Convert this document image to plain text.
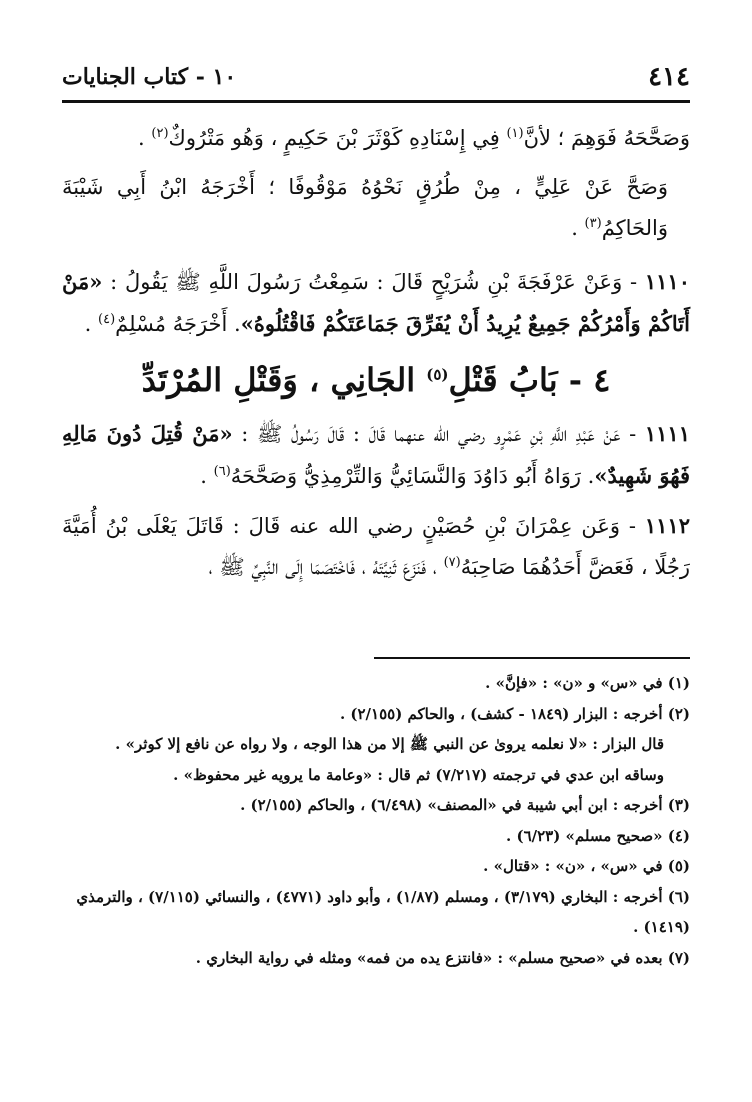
٤١٤
١٠ - كتاب الجنايات

وَصَحَّحَهُ فَوَهِمَ ؛ لأنَّ$^{(١)}$ فِي إِسْنَادِهِ كَوْثَرَ بْنَ حَكِيمٍ ، وَهُو مَتْرُوكٌ$^{(٢)}$ .

وَصَحَّ عَنْ عَلِيٍّ ، مِنْ طُرُقٍ نَحْوُهُ مَوْقُوفًا ؛ أَخْرَجَهُ ابْنُ أَبِي شَيْبَةَ وَالحَاكِمُ$^{(٣)}$ .

١١١٠ - وَعَنْ عَرْفَجَةَ بْنِ شُرَيْحٍ قَالَ : سَمِعْتُ رَسُولَ اللَّهِ ﷺ يَقُولُ : «مَنْ أَتَاكُمْ وَأَمْرُكُمْ جَمِيعٌ يُرِيدُ أَنْ يُفَرِّقَ جَمَاعَتَكُمْ فَاقْتُلُوهُ». أَخْرَجَهُ مُسْلِمٌ$^{(٤)}$ .

٤ - بَابُ قَتْلِ$^{(٥)}$ الجَانِي ، وَقَتْلِ المُرْتَدِّ

١١١١ - عَنْ عَبْدِ اللَّهِ بْنِ عَمْرٍو رضي الله عنهما قَالَ : قَالَ رَسُولُ ﷺ : «مَنْ قُتِلَ دُونَ مَالِهِ فَهُوَ شَهِيدٌ». رَوَاهُ أَبُو دَاوُدَ وَالنَّسَائِيُّ وَالتِّرْمِذِيُّ وَصَحَّحَهُ$^{(٦)}$ .

١١١٢ - وَعَن عِمْرَانَ بْنِ حُصَيْنٍ رضي الله عنه قَالَ : قَاتَلَ يَعْلَى بْنُ أُمَيَّةَ رَجُلًا ، فَعَضَّ أَحَدُهُمَا صَاحِبَهُ$^{(٧)}$ ، فَنَزَعَ ثَنِيَّتَهُ ، فَاخْتَصَمَا إِلَى النَّبِيِّ ﷺ ،

(١) في «س» و «ن» : «فإنَّ» .

(٢) أخرجه : البزار (١٨٤٩ - كشف) ، والحاكم (٢/١٥٥) .

قال البزار : «لا نعلمه يروىٰ عن النبي ﷺ إلا من هذا الوجه ، ولا رواه عن نافع إلا كوثر» .

وساقه ابن عدي في ترجمته (٧/٢١٧) ثم قال : «وعامة ما يرويه غير محفوظ» .

(٣) أخرجه : ابن أبي شيبة في «المصنف» (٦/٤٩٨) ، والحاكم (٢/١٥٥) .

(٤) «صحيح مسلم» (٦/٢٣) .

(٥) في «س» ، «ن» : «قتال» .

(٦) أخرجه : البخاري (٣/١٧٩) ، ومسلم (١/٨٧) ، وأبو داود (٤٧٧١) ، والنسائي (٧/١١٥) ، والترمذي (١٤١٩) .

(٧) بعده في «صحيح مسلم» : «فانتزع يده من فمه» ومثله في رواية البخاري .
